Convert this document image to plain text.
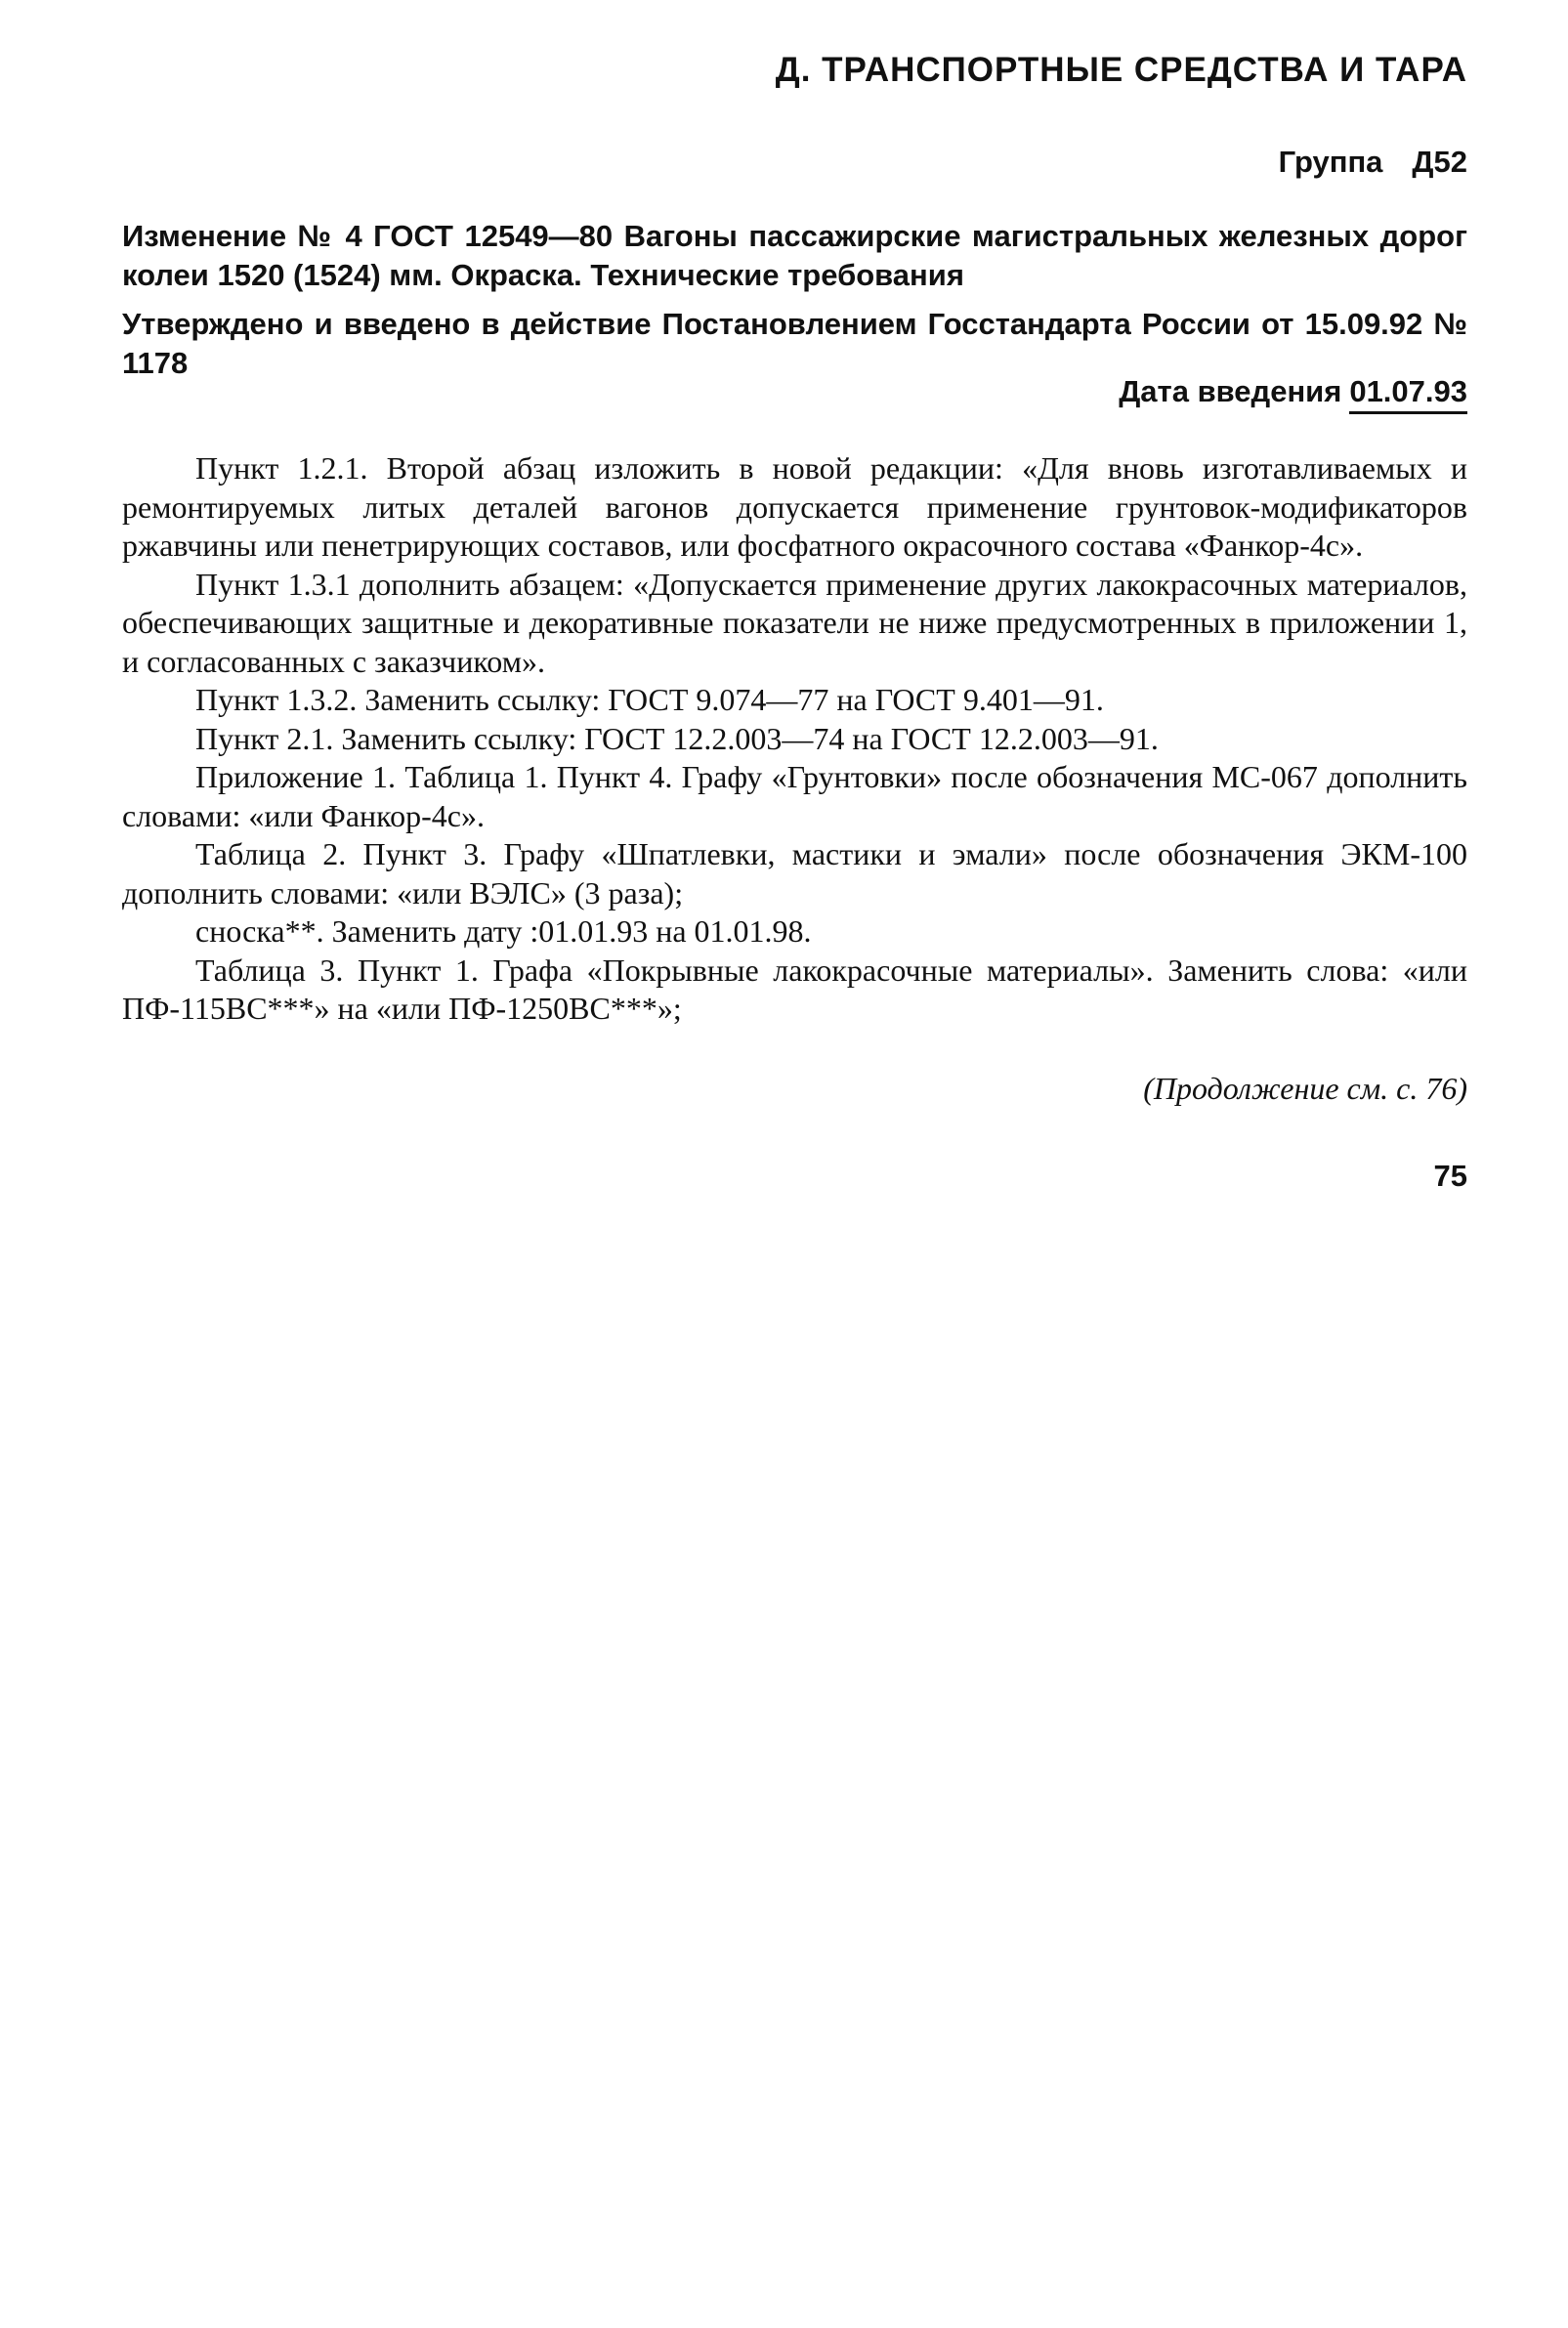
Д. ТРАНСПОРТНЫЕ СРЕДСТВА И ТАРА
Группа Д52
Изменение № 4 ГОСТ 12549—80 Вагоны пассажирские магистральных железных дорог колеи 1520 (1524) мм. Окраска. Технические требования
Утверждено и введено в действие Постановлением Госстандарта России от 15.09.92 № 1178
Дата введения 01.07.93

Пункт 1.2.1. Второй абзац изложить в новой редакции: «Для вновь изготавливаемых и ремонтируемых литых деталей вагонов допускается применение грунтовок-модификаторов ржавчины или пенетрирующих составов, или фосфатного окрасочного состава «Фанкор-4с».

Пункт 1.3.1 дополнить абзацем: «Допускается применение других лакокрасочных материалов, обеспечивающих защитные и декоративные показатели не ниже предусмотренных в приложении 1, и согласованных с заказчиком».

Пункт 1.3.2. Заменить ссылку: ГОСТ 9.074—77 на ГОСТ 9.401—91.

Пункт 2.1. Заменить ссылку: ГОСТ 12.2.003—74 на ГОСТ 12.2.003—91.

Приложение 1. Таблица 1. Пункт 4. Графу «Грунтовки» после обозначения МС-067 дополнить словами: «или Фанкор-4с».

Таблица 2. Пункт 3. Графу «Шпатлевки, мастики и эмали» после обозначения ЭКМ-100 дополнить словами: «или ВЭЛС» (3 раза);

сноска**. Заменить дату :01.01.93 на 01.01.98.

Таблица 3. Пункт 1. Графа «Покрывные лакокрасочные материалы». Заменить слова: «или ПФ-115ВС***» на «или ПФ-1250ВС***»;

(Продолжение см. с. 76)
75
